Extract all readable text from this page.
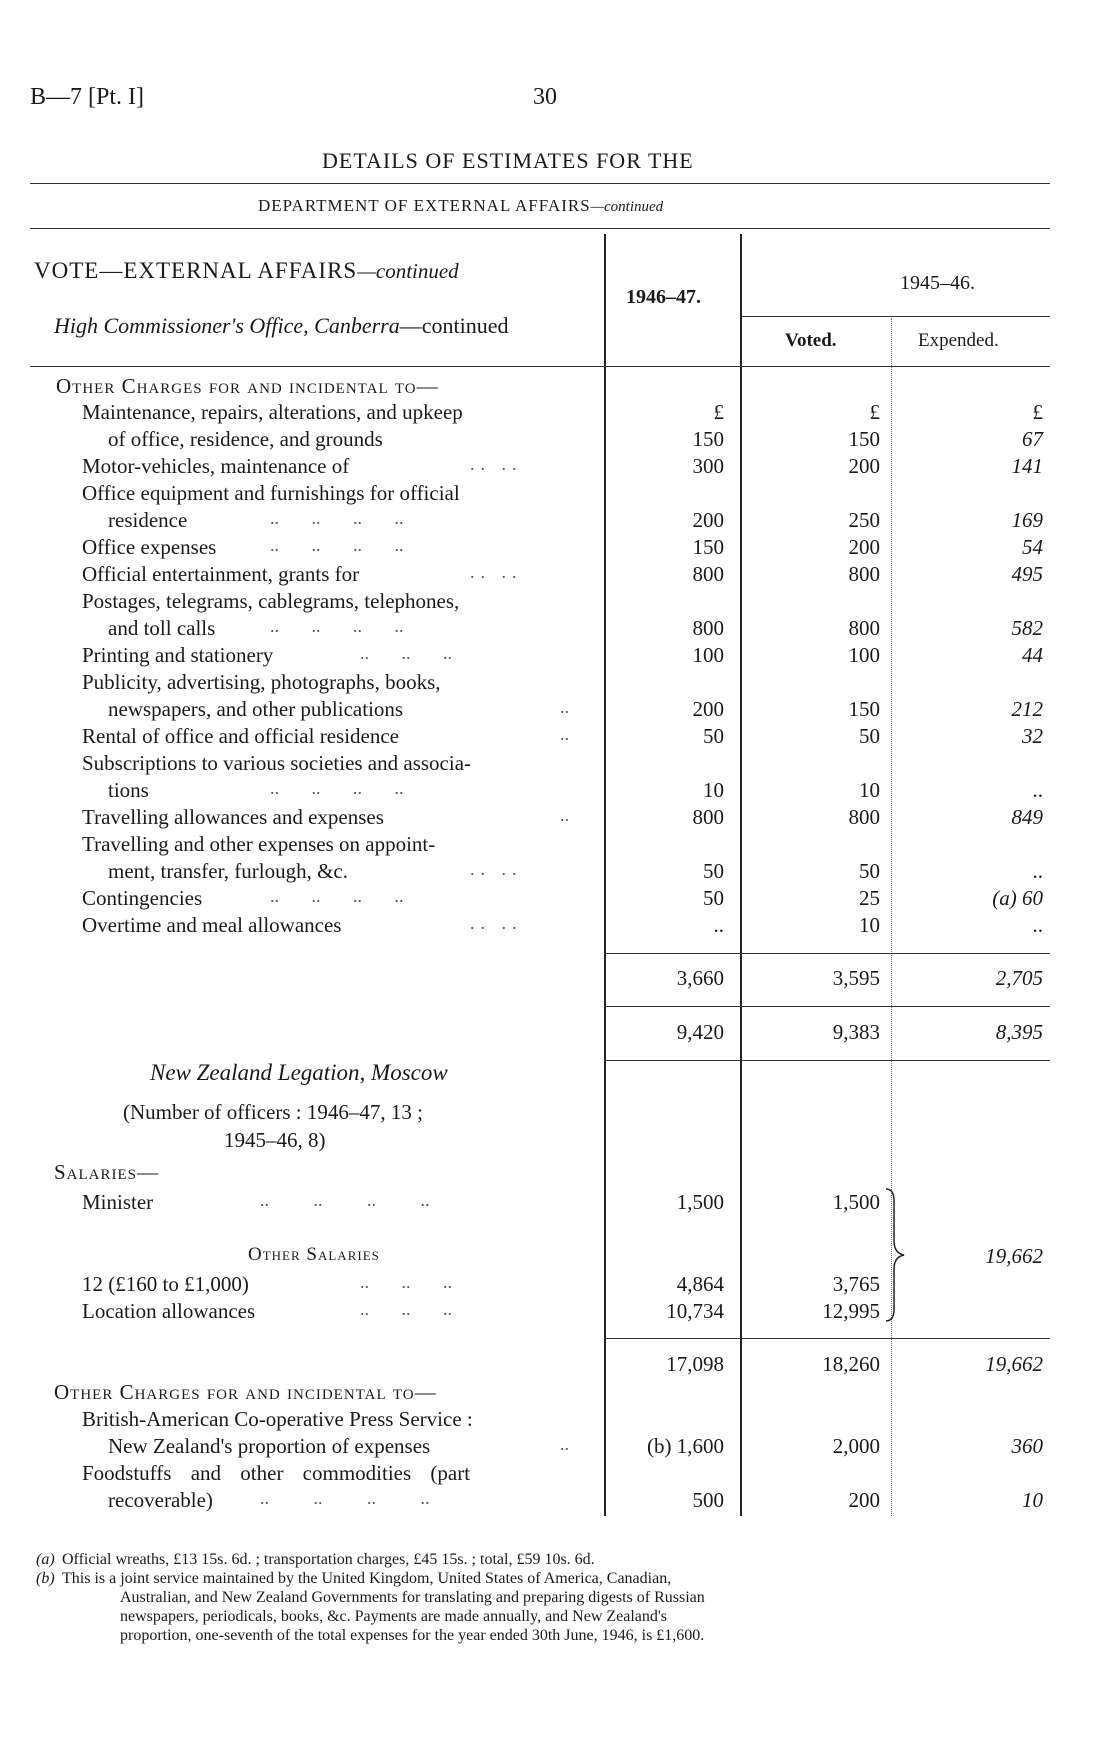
B—7 [Pt. I]	30
DETAILS OF ESTIMATES FOR THE
DEPARTMENT OF EXTERNAL AFFAIRS—continued
VOTE—EXTERNAL AFFAIRS—continued
High Commissioner's Office, Canberra—continued
1946–47.
1945–46.
Voted.	Expended.
Other Charges for and incidental to—
£	£	£
Maintenance, repairs, alterations, and upkeep
of office, residence, and grounds	150	150	67
Motor-vehicles, maintenance of	300	200	141
Office equipment and furnishings for official
residence	200	250	169
Office expenses	150	200	54
Official entertainment, grants for	800	800	495
Postages, telegrams, cablegrams, telephones,
and toll calls	800	800	582
Printing and stationery	100	100	44
Publicity, advertising, photographs, books,
newspapers, and other publications	200	150	212
Rental of office and official residence	50	50	32
Subscriptions to various societies and associa-
tions	10	10	..
Travelling allowances and expenses	800	800	849
Travelling and other expenses on appoint-
ment, transfer, furlough, &c.	50	50	..
Contingencies	50	25	(a) 60
Overtime and meal allowances	..	10	..
3,660	3,595	2,705
9,420	9,383	8,395
New Zealand Legation, Moscow
(Number of officers : 1946–47, 13 ;
1945–46, 8)
Salaries—
Minister	1,500	1,500
Other Salaries
12 (£160 to £1,000)	4,864	3,765
Location allowances	10,734	12,995
19,662
17,098	18,260	19,662
Other Charges for and incidental to—
British-American Co-operative Press Service :
New Zealand's proportion of expenses	(b) 1,600	2,000	360
Foodstuffs and other commodities (part
recoverable)	500	200	10
.. ..
.. .. .. ..
.. .. .. ..
.. ..
.. .. .. ..
.. .. ..
..
..
.. .. .. ..
..
.. ..
.. .. .. ..
.. ..
.. .. .. ..
.. .. ..
.. .. ..
..
.. .. .. ..
(a) Official wreaths, £13 15s. 6d. ; transportation charges, £45 15s. ; total, £59 10s. 6d.
(b) This is a joint service maintained by the United Kingdom, United States of America, Canadian,
Australian, and New Zealand Governments for translating and preparing digests of Russian
newspapers, periodicals, books, &c. Payments are made annually, and New Zealand's
proportion, one-seventh of the total expenses for the year ended 30th June, 1946, is £1,600.
